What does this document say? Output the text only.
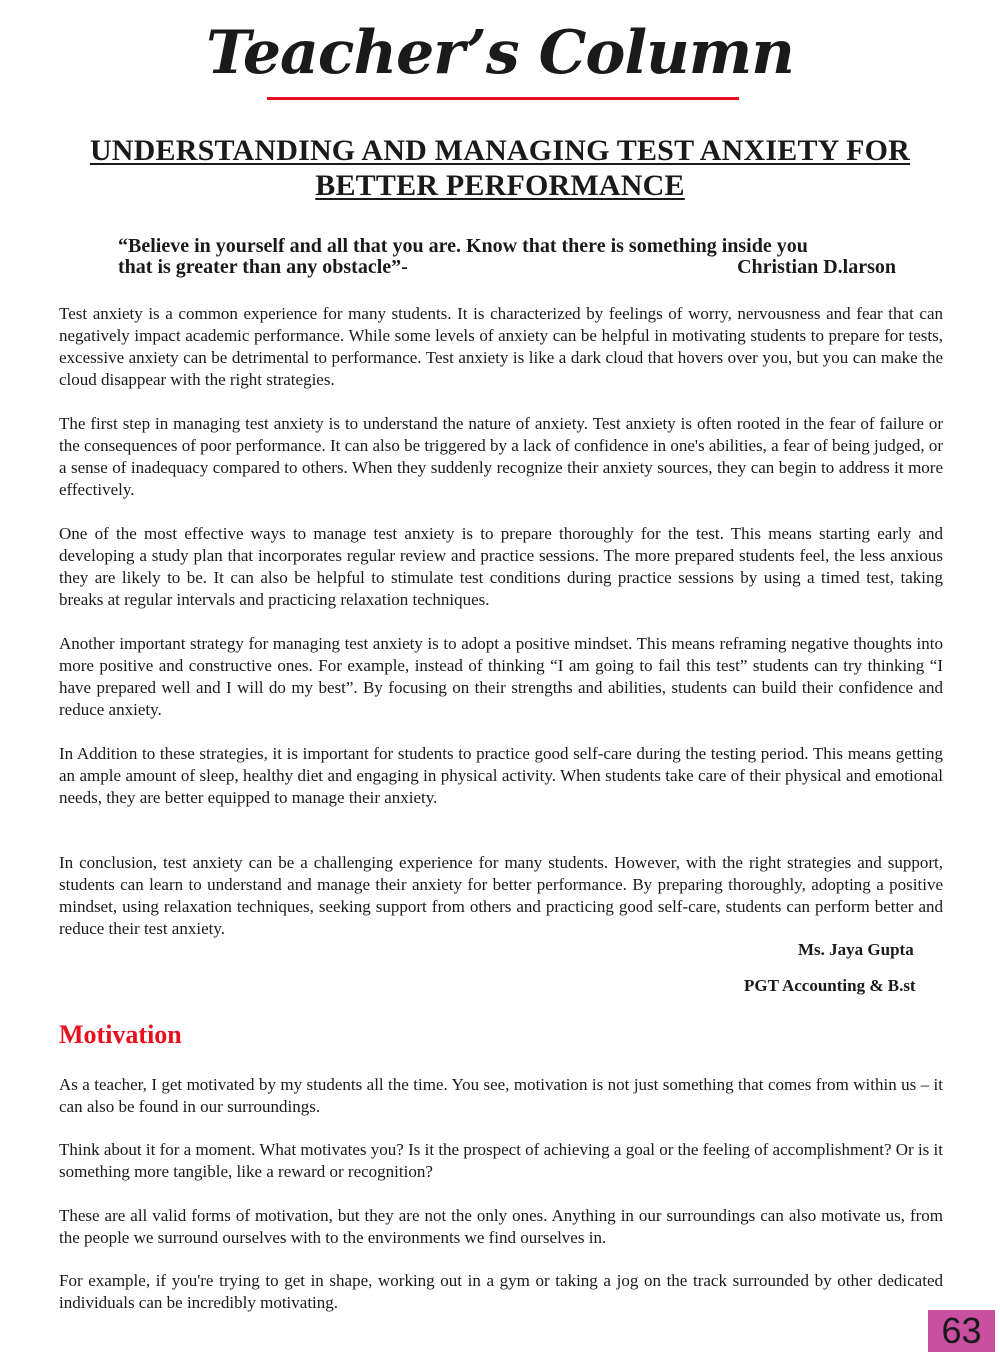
Teacher’s Column
UNDERSTANDING AND MANAGING TEST ANXIETY FOR BETTER PERFORMANCE
“Believe in yourself and all that you are. Know that there is something inside you
that is greater than any obstacle”-	Christian D.larson

Test anxiety is a common experience for many students. It is characterized by feelings of worry, nervousness and fear that can negatively impact academic performance. While some levels of anxiety can be helpful in motivating students to prepare for tests, excessive anxiety can be detrimental to performance. Test anxiety is like a dark cloud that hovers over you, but you can make the cloud disappear with the right strategies.

The first step in managing test anxiety is to understand the nature of anxiety. Test anxiety is often rooted in the fear of failure or the consequences of poor performance. It can also be triggered by a lack of confidence in one's abilities, a fear of being judged, or a sense of inadequacy compared to others. When they suddenly recognize their anxiety sources, they can begin to address it more effectively.

One of the most effective ways to manage test anxiety is to prepare thoroughly for the test. This means starting early and developing a study plan that incorporates regular review and practice sessions. The more prepared students feel, the less anxious they are likely to be. It can also be helpful to stimulate test conditions during practice sessions by using a timed test, taking breaks at regular intervals and practicing relaxation techniques.

Another important strategy for managing test anxiety is to adopt a positive mindset. This means reframing negative thoughts into more positive and constructive ones. For example, instead of thinking “I am going to fail this test” students can try thinking “I have prepared well and I will do my best”. By focusing on their strengths and abilities, students can build their confidence and reduce anxiety.

In Addition to these strategies, it is important for students to practice good self-care during the testing period. This means getting an ample amount of sleep, healthy diet and engaging in physical activity. When students take care of their physical and emotional needs, they are better equipped to manage their anxiety.

In conclusion, test anxiety can be a challenging experience for many students. However, with the right strategies and support, students can learn to understand and manage their anxiety for better performance. By preparing thoroughly, adopting a positive mindset, using relaxation techniques, seeking support from others and practicing good self-care, students can perform better and reduce their test anxiety.

Ms. Jaya Gupta
PGT Accounting & B.st
Motivation

As a teacher, I get motivated by my students all the time. You see, motivation is not just something that comes from within us – it can also be found in our surroundings.

Think about it for a moment. What motivates you? Is it the prospect of achieving a goal or the feeling of accomplishment? Or is it something more tangible, like a reward or recognition?

These are all valid forms of motivation, but they are not the only ones. Anything in our surroundings can also motivate us, from the people we surround ourselves with to the environments we find ourselves in.

For example, if you're trying to get in shape, working out in a gym or taking a jog on the track surrounded by other dedicated individuals can be incredibly motivating.

63
